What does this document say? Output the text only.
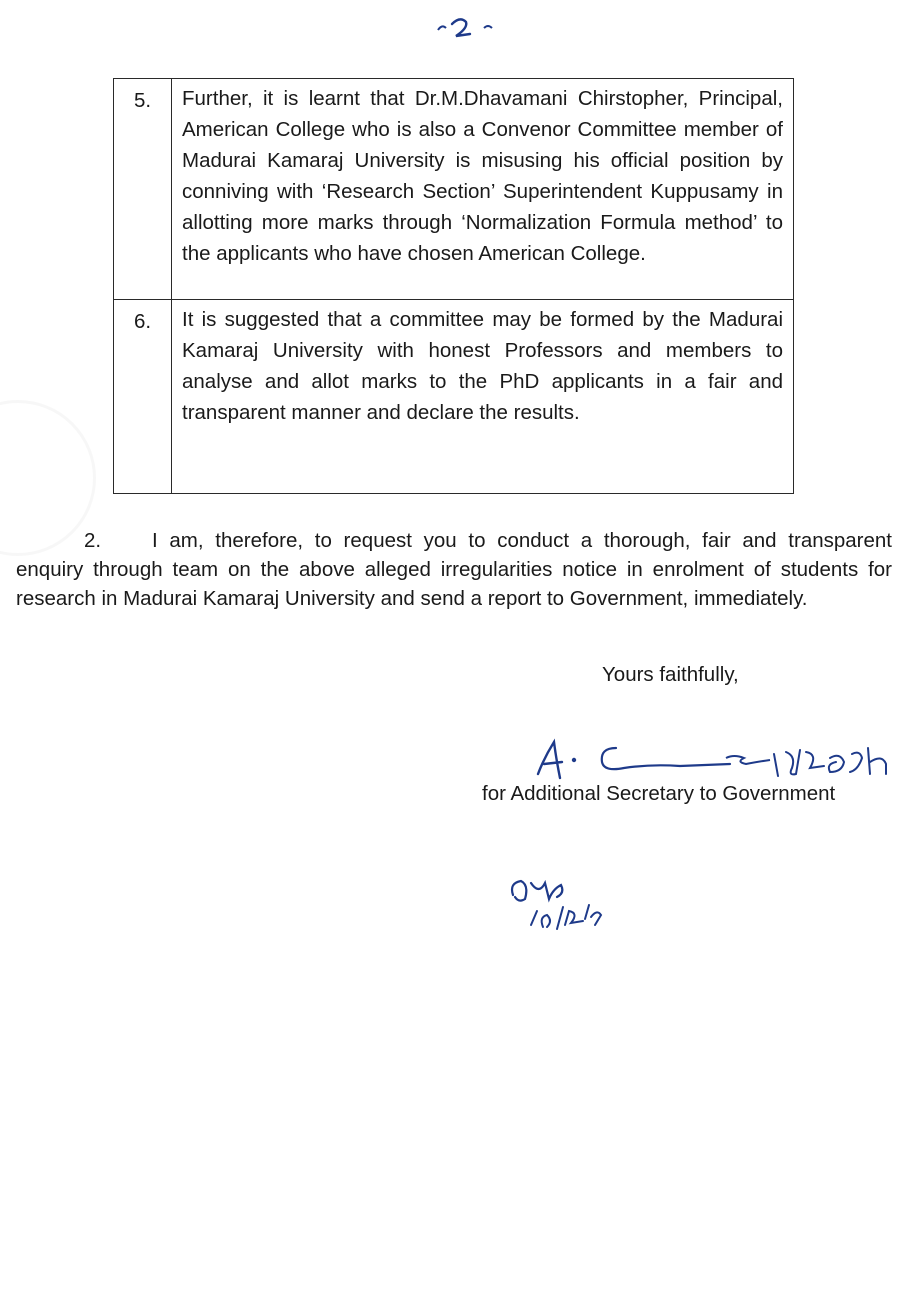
5.	Further, it is learnt that Dr.M.Dhavamani Chirstopher, Principal, American College who is also a Convenor Committee member of Madurai Kamaraj University is misusing his official position by conniving with ‘Research Section’ Superintendent Kuppusamy in allotting more marks through ‘Normalization Formula method’ to the applicants who have chosen American College.
6.	It is suggested that a committee may be formed by the Madurai Kamaraj University with honest Professors and members to analyse and allot marks to the PhD applicants in a fair and transparent manner and declare the results.
2. I am, therefore, to request you to conduct a thorough, fair and transparent enquiry through team on the above alleged irregularities notice in enrolment of students for research in Madurai Kamaraj University and send a report to Government, immediately.
Yours faithfully,
for Additional Secretary to Government
